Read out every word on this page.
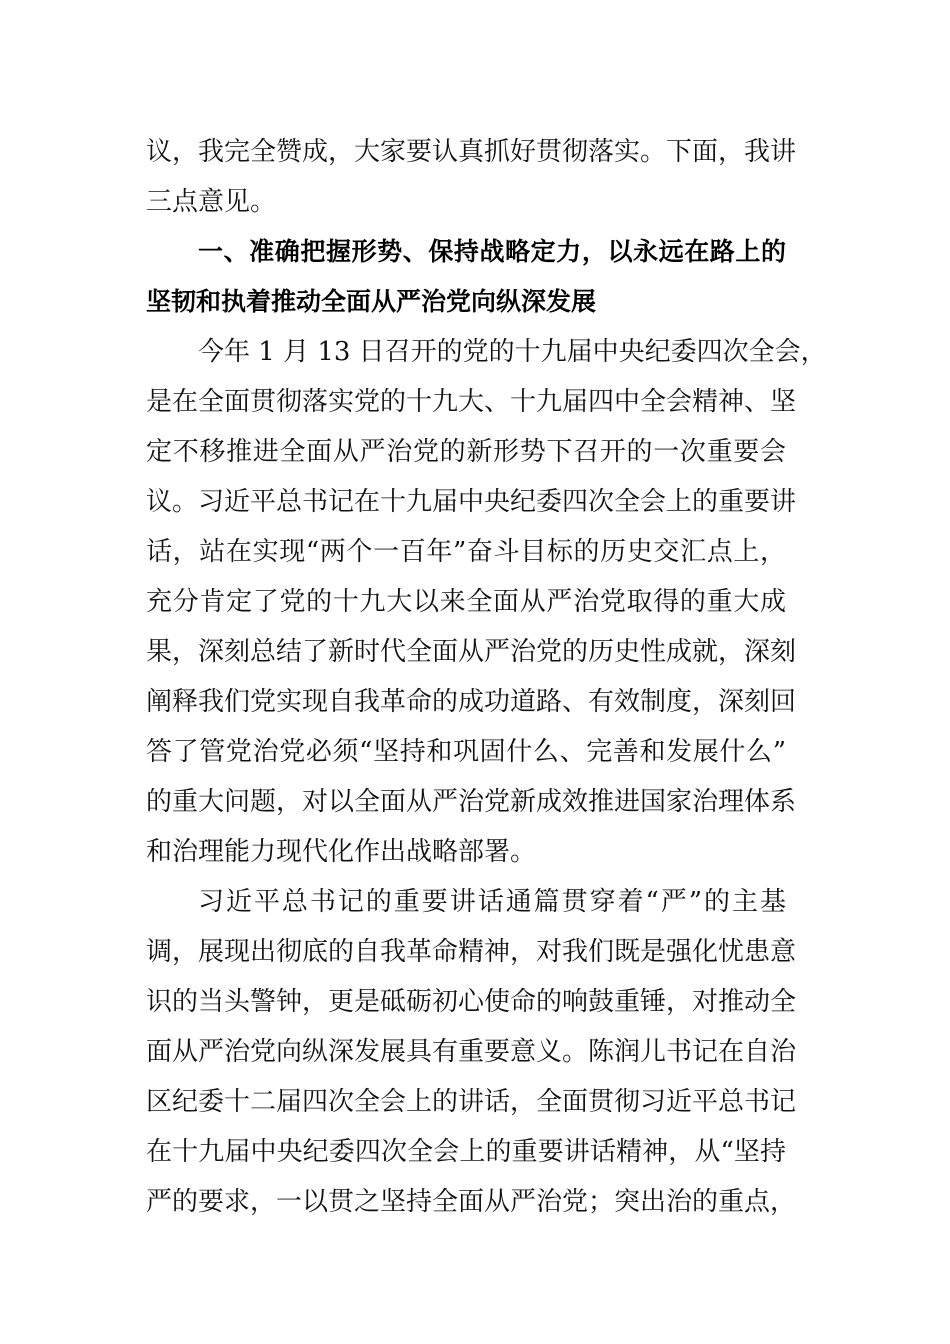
议，我完全赞成，大家要认真抓好贯彻落实。下面，我讲
三点意见。
一、准确把握形势、保持战略定力，以永远在路上的
坚韧和执着推动全面从严治党向纵深发展
今年 1 月 13 日召开的党的十九届中央纪委四次全会，
是在全面贯彻落实党的十九大、十九届四中全会精神、坚
定不移推进全面从严治党的新形势下召开的一次重要会
议。习近平总书记在十九届中央纪委四次全会上的重要讲
话，站在实现“两个一百年”奋斗目标的历史交汇点上，
充分肯定了党的十九大以来全面从严治党取得的重大成
果，深刻总结了新时代全面从严治党的历史性成就，深刻
阐释我们党实现自我革命的成功道路、有效制度，深刻回
答了管党治党必须“坚持和巩固什么、完善和发展什么”
的重大问题，对以全面从严治党新成效推进国家治理体系
和治理能力现代化作出战略部署。
习近平总书记的重要讲话通篇贯穿着“严”的主基
调，展现出彻底的自我革命精神，对我们既是强化忧患意
识的当头警钟，更是砥砺初心使命的响鼓重锤，对推动全
面从严治党向纵深发展具有重要意义。陈润儿书记在自治
区纪委十二届四次全会上的讲话，全面贯彻习近平总书记
在十九届中央纪委四次全会上的重要讲话精神，从“坚持
严的要求，一以贯之坚持全面从严治党；突出治的重点，
